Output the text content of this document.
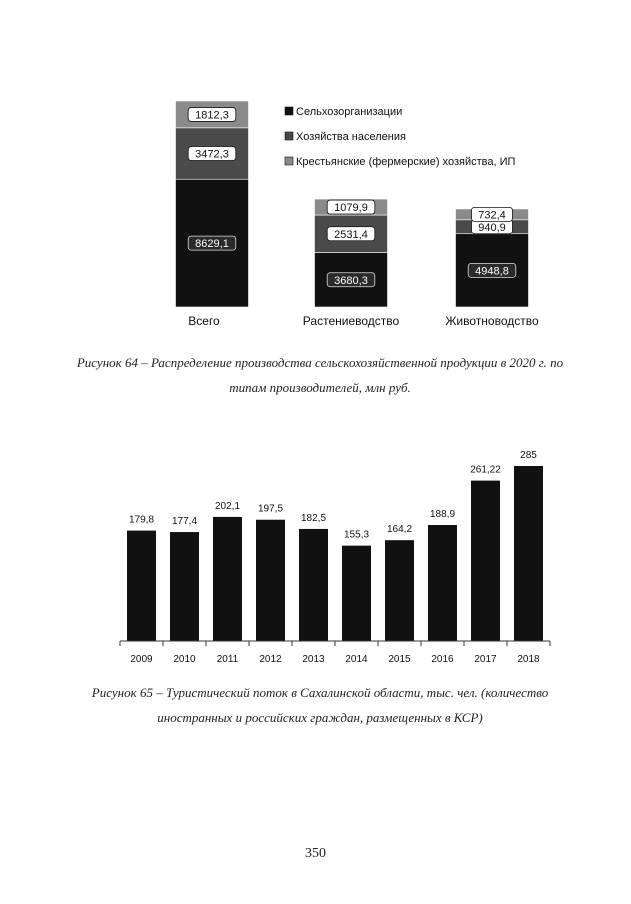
8629,1
3472,3
1812,3
3680,3
2531,4
1079,9
4948,8
940,9
732,4
Всего	Растениеводство	Животноводство
Сельхозорганизации
Хозяйства населения
Крестьянские (фермерские) хозяйства, ИП
Рисунок 64 – Распределение производства сельскохозяйственной продукции в 2020 г. по типам производителей, млн руб.
179,8 177,4
202,1 197,5
182,5
155,3 164,2
188,9
261,22
285
2009 2010 2011 2012 2013 2014 2015 2016 2017 2018
Рисунок 65 – Туристический поток в Сахалинской области, тыс. чел. (количество иностранных и российских граждан, размещенных в КСР)
350
